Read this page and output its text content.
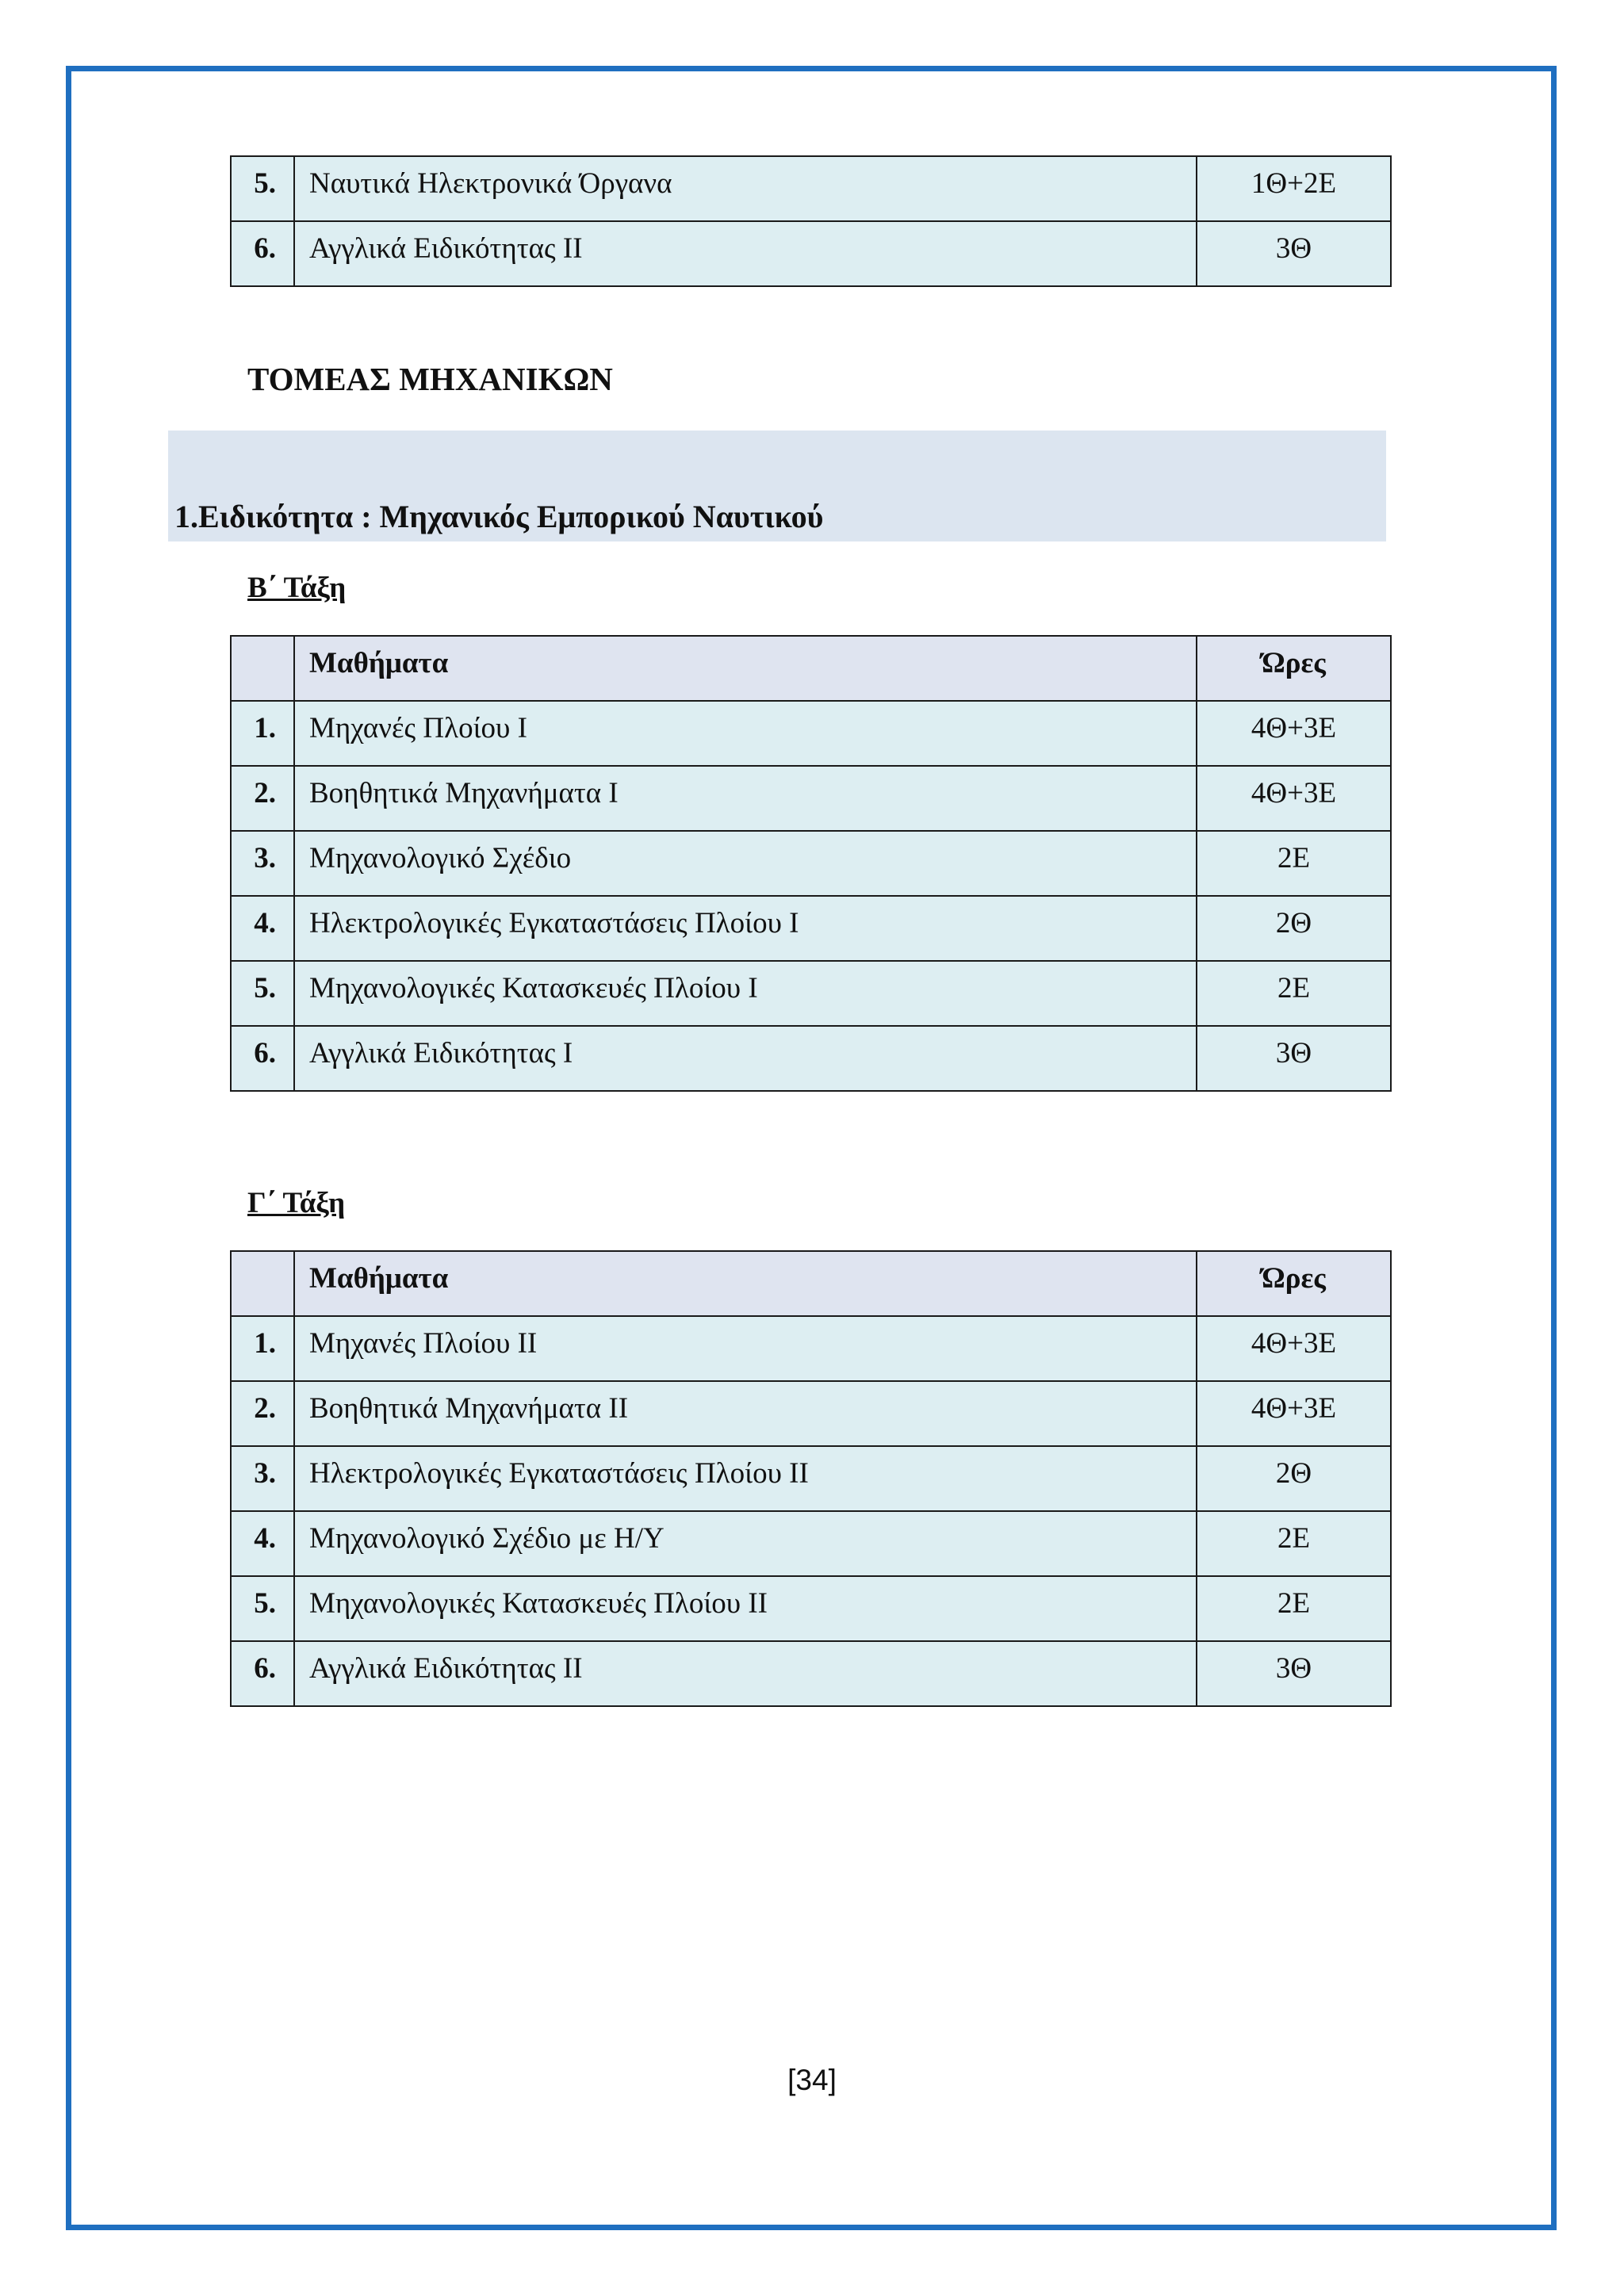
5.	Ναυτικά Ηλεκτρονικά Όργανα	1Θ+2Ε
6.	Αγγλικά Ειδικότητας ΙΙ	3Θ
ΤΟΜΕΑΣ ΜΗΧΑΝΙΚΩΝ
1.Ειδικότητα : Μηχανικός Εμπορικού Ναυτικού
Β΄ Τάξη
	Μαθήματα	Ώρες
1.	Μηχανές Πλοίου Ι	4Θ+3Ε
2.	Βοηθητικά Μηχανήματα Ι	4Θ+3Ε
3.	Μηχανολογικό Σχέδιο	2Ε
4.	Ηλεκτρολογικές Εγκαταστάσεις Πλοίου Ι	2Θ
5.	Μηχανολογικές Κατασκευές Πλοίου Ι	2Ε
6.	Αγγλικά Ειδικότητας Ι	3Θ
Γ΄ Τάξη
	Μαθήματα	Ώρες
1.	Μηχανές Πλοίου ΙΙ	4Θ+3Ε
2.	Βοηθητικά Μηχανήματα ΙΙ	4Θ+3Ε
3.	Ηλεκτρολογικές Εγκαταστάσεις Πλοίου ΙΙ	2Θ
4.	Μηχανολογικό Σχέδιο με Η/Υ	2Ε
5.	Μηχανολογικές Κατασκευές Πλοίου ΙΙ	2Ε
6.	Αγγλικά Ειδικότητας ΙΙ	3Θ
[34]
